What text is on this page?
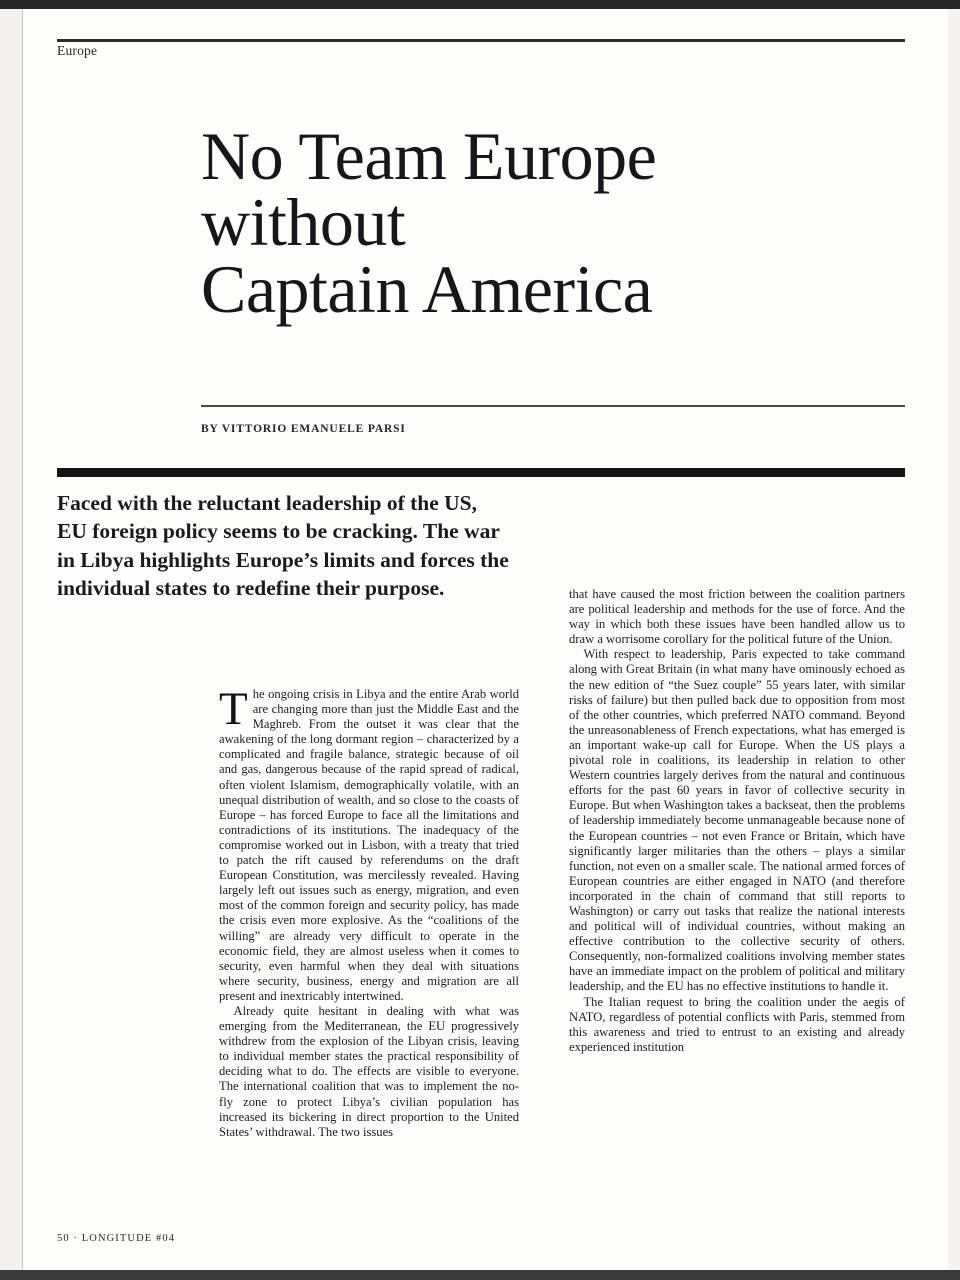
Europe
No Team Europe
without
Captain America
BY VITTORIO EMANUELE PARSI
Faced with the reluctant leadership of the US,
EU foreign policy seems to be cracking. The war
in Libya highlights Europe’s limits and forces the
individual states to redefine their purpose.

The ongoing crisis in Libya and the entire Arab world are changing more than just the Middle East and the Maghreb. From the outset it was clear that the awakening of the long dormant region – characterized by a complicated and fragile balance, strategic because of oil and gas, dangerous because of the rapid spread of radical, often violent Islamism, demographically volatile, with an unequal distribution of wealth, and so close to the coasts of Europe – has forced Europe to face all the limitations and contradictions of its institutions. The inadequacy of the compromise worked out in Lisbon, with a treaty that tried to patch the rift caused by referendums on the draft European Constitution, was mercilessly revealed. Having largely left out issues such as energy, migration, and even most of the common foreign and security policy, has made the crisis even more explosive. As the “coalitions of the willing” are already very difficult to operate in the economic field, they are almost useless when it comes to security, even harmful when they deal with situations where security, business, energy and migration are all present and inextricably intertwined.

Already quite hesitant in dealing with what was emerging from the Mediterranean, the EU progressively withdrew from the explosion of the Libyan crisis, leaving to individual member states the practical responsibility of deciding what to do. The effects are visible to everyone. The international coalition that was to implement the no-fly zone to protect Libya’s civilian population has increased its bickering in direct proportion to the United States’ withdrawal. The two issues

that have caused the most friction between the coalition partners are political leadership and methods for the use of force. And the way in which both these issues have been handled allow us to draw a worrisome corollary for the political future of the Union.

With respect to leadership, Paris expected to take command along with Great Britain (in what many have ominously echoed as the new edition of “the Suez couple” 55 years later, with similar risks of failure) but then pulled back due to opposition from most of the other countries, which preferred NATO command. Beyond the unreasonableness of French expectations, what has emerged is an important wake-up call for Europe. When the US plays a pivotal role in coalitions, its leadership in relation to other Western countries largely derives from the natural and continuous efforts for the past 60 years in favor of collective security in Europe. But when Washington takes a backseat, then the problems of leadership immediately become unmanageable because none of the European countries – not even France or Britain, which have significantly larger militaries than the others – plays a similar function, not even on a smaller scale. The national armed forces of European countries are either engaged in NATO (and therefore incorporated in the chain of command that still reports to Washington) or carry out tasks that realize the national interests and political will of individual countries, without making an effective contribution to the collective security of others. Consequently, non-formalized coalitions involving member states have an immediate impact on the problem of political and military leadership, and the EU has no effective institutions to handle it.

The Italian request to bring the coalition under the aegis of NATO, regardless of potential conflicts with Paris, stemmed from this awareness and tried to entrust to an existing and already experienced institution

50 · LONGITUDE #04
